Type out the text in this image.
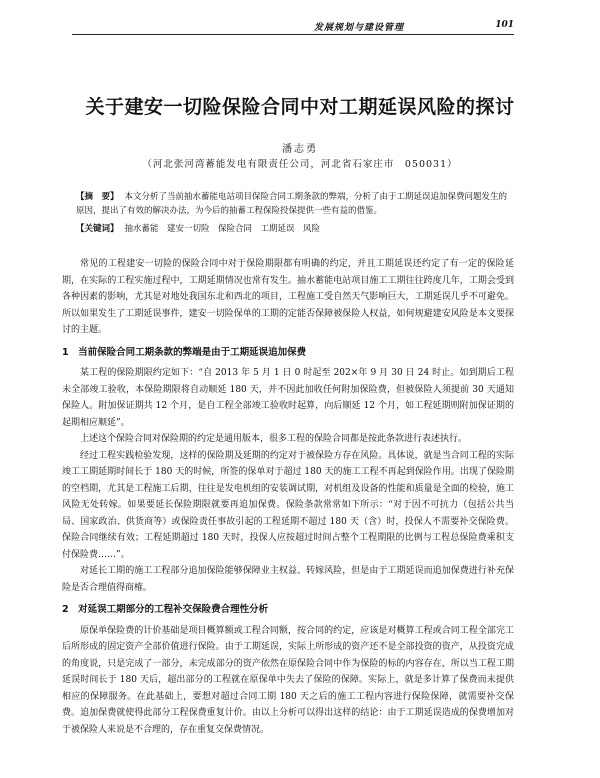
发展规划与建设管理	101
关于建安一切险保险合同中对工期延误风险的探讨
潘志勇
（河北张河湾蓄能发电有限责任公司，河北省石家庄市　050031）
【摘　要】 本文分析了当前抽水蓄能电站项目保险合同工期条款的弊端，分析了由于工期延误追加保费问题发生的原因，提出了有效的解决办法，为今后的抽蓄工程保险投保提供一些有益的借鉴。
【关键词】 抽水蓄能　建安一切险　保险合同　工期延误　风险

常见的工程建安一切险的保险合同中对于保险期限都有明确的约定，并且工期延误还约定了有一定的保险延期，在实际的工程实施过程中，工期延期情况也常有发生。抽水蓄能电站项目施工工期往往跨度几年，工期会受到各种因素的影响，尤其是对地处我国东北和西北的项目，工程施工受自然天气影响巨大，工期延误几乎不可避免。所以如果发生了工期延误事件，建安一切险保单的工期的定能否保障被保险人权益，如何规避建安风险是本文要探讨的主题。

1　当前保险合同工期条款的弊端是由于工期延误追加保费

某工程的保险期限约定如下：“自 2013 年 5 月 1 日 0 时起至 202×年 9 月 30 日 24 时止。如到期后工程未全部竣工验收，本保险期限将自动顺延 180 天，并不因此加收任何附加保险费，但被保险人须提前 30 天通知保险人。附加保证期共 12 个月，是自工程全部竣工验收时起算，向后顺延 12 个月，如工程延期则附加保证期的起期相应顺延”。

上述这个保险合同对保险期的约定是通用版本，很多工程的保险合同都是按此条款进行表述执行。

经过工程实践检验发现，这样的保险期及延期的约定对于被保险方存在风险。具体说，就是当合同工程的实际竣工工期延期时间长于 180 天的时候，所签的保单对于超过 180 天的施工工程不再起到保险作用。出现了保险期的空档期，尤其是工程施工后期，往往是发电机组的安装调试期，对机组及设备的性能和质量是全面的检验，施工风险无处转嫁。如果要延长保险期限就要再追加保费。保险条款常常如下所示：“对于因不可抗力（包括公共当局、国家政治、供货商等）或保险责任事故引起的工程延期不超过 180 天（含）时，投保人不需要补交保险费。保险合同继续有效；工程延期超过 180 天时，投保人应按超过时间占整个工程期限的比例与工程总保险费乘积支付保险费……”。

对延长工期的施工工程部分追加保险能够保障业主权益、转嫁风险，但是由于工期延误而追加保费进行补充保险是否合理值得商榷。

2　对延误工期部分的工程补交保险费合理性分析

原保单保险费的计价基础是项目概算额或工程合同额，按合同的约定，应该是对概算工程或合同工程全部完工后所形成的固定资产全部价值进行保险。由于工期延误，实际上所形成的资产还不是全部投资的资产，从投资完成的角度说，只是完成了一部分，未完成部分的资产依然在原保险合同中作为保险的标的内容存在，所以当工程工期延误时间长于 180 天后，超出部分的工程就在原保单中失去了保险的保障。实际上，就是多计算了保费而未提供相应的保障服务。在此基础上，要想对超过合同工期 180 天之后的施工工程内容进行保险保障，就需要补交保费。追加保费就使得此部分工程保费重复计价。由以上分析可以得出这样的结论：由于工期延误造成的保费增加对于被保险人来说是不合理的，存在重复交保费情况。
